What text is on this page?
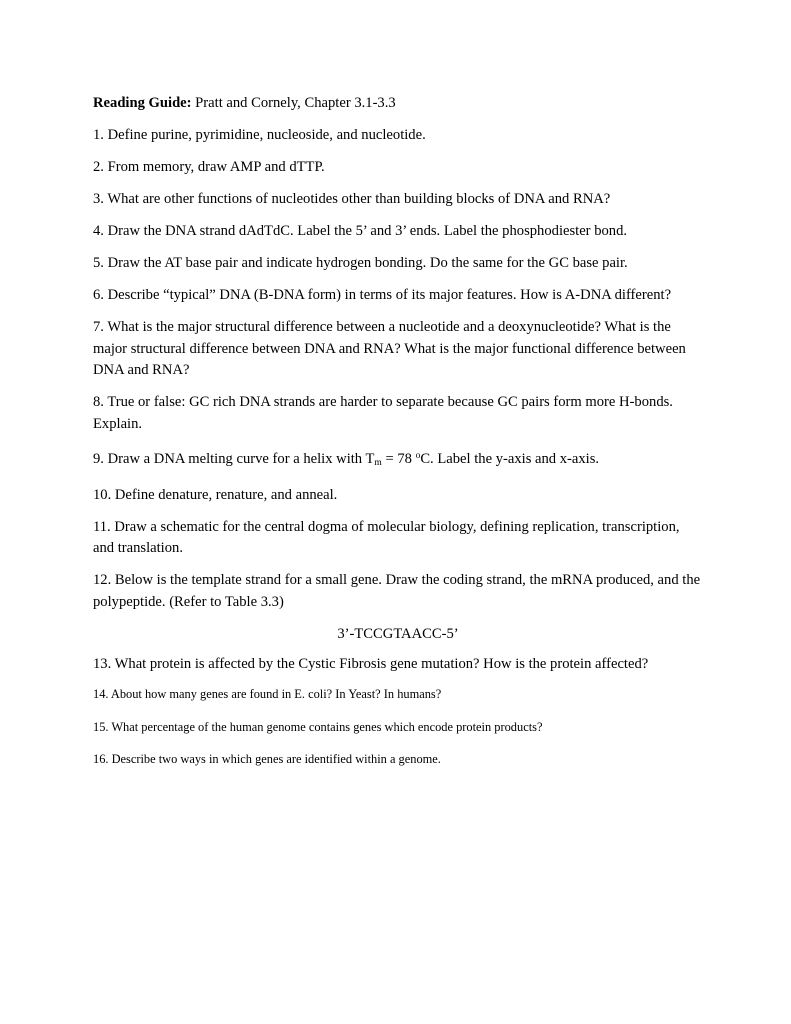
Reading Guide: Pratt and Cornely, Chapter 3.1-3.3

1. Define purine, pyrimidine, nucleoside, and nucleotide.

2. From memory, draw AMP and dTTP.

3. What are other functions of nucleotides other than building blocks of DNA and RNA?

4. Draw the DNA strand dAdTdC. Label the 5’ and 3’ ends. Label the phosphodiester bond.

5. Draw the AT base pair and indicate hydrogen bonding. Do the same for the GC base pair.

6. Describe “typical” DNA (B-DNA form) in terms of its major features. How is A-DNA different?

7. What is the major structural difference between a nucleotide and a deoxynucleotide? What is the major structural difference between DNA and RNA? What is the major functional difference between DNA and RNA?

8. True or false: GC rich DNA strands are harder to separate because GC pairs form more H-bonds. Explain.

9. Draw a DNA melting curve for a helix with $T_m = 78$ $^o$C. Label the y-axis and x-axis.

10. Define denature, renature, and anneal.

11. Draw a schematic for the central dogma of molecular biology, defining replication, transcription, and translation.

12. Below is the template strand for a small gene. Draw the coding strand, the mRNA produced, and the polypeptide. (Refer to Table 3.3)

3’-TCCGTAACC-5’

13. What protein is affected by the Cystic Fibrosis gene mutation? How is the protein affected?

14. About how many genes are found in E. coli? In Yeast? In humans?

15. What percentage of the human genome contains genes which encode protein products?

16. Describe two ways in which genes are identified within a genome.
